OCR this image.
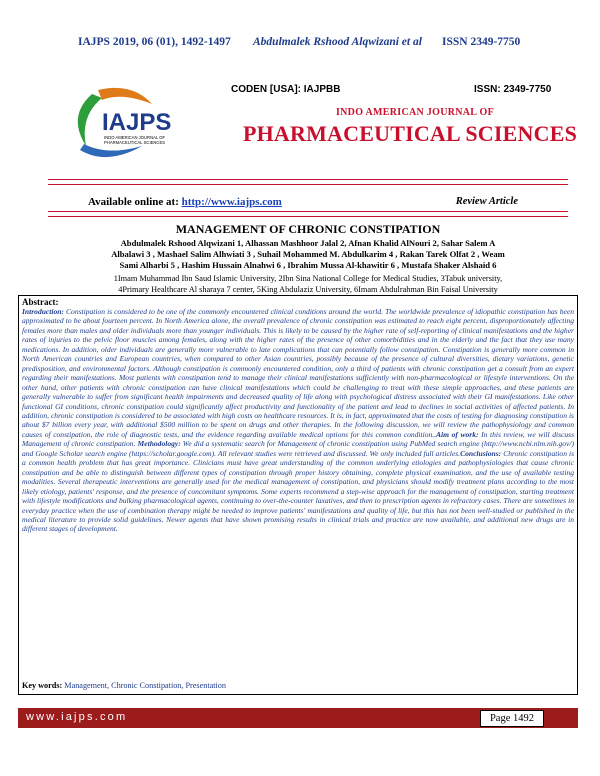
IAJPS 2019, 06 (01), 1492-1497 Abdulmalek Rshood Alqwizani et al ISSN 2349-7750
IAJPS
INDO AMERICAN JOURNAL OF
PHARMACEUTICAL SCIENCES
CODEN [USA]: IAJPBB	ISSN: 2349-7750
INDO AMERICAN JOURNAL OF
PHARMACEUTICAL SCIENCES
Available online at: http://www.iajps.com	Review Article
MANAGEMENT OF CHRONIC CONSTIPATION
Abdulmalek Rshood Alqwizani 1, Alhassan Mashhoor Jalal 2, Afnan Khalid AlNouri 2, Sahar Salem A
Albalawi 3 , Mashael Salim Alhwiati 3 , Suhail Mohammed M. Abdulkarim 4 , Rakan Tarek Olfat 2 , Weam
Sami Alharbi 5 , Hashim Hussain Alnahwi 6 , Ibrahim Mussa Al-khawitir 6 , Mustafa Shaker Alshaid 6
1Imam Muhammad Ibn Saud Islamic University, 2Ibn Sina National College for Medical Studies, 3Tabuk university,
4Primary Healthcare Al sharaya 7 center, 5King Abdulaziz University, 6Imam Abdulrahman Bin Faisal University
Abstract:
Introduction: Constipation is considered to be one of the commonly encountered clinical conditions around the world. The worldwide prevalence of idiopathic constipation has been approximated to be about fourteen percent. In North America alone, the overall prevalence of chronic constipation was estimated to reach eight percent, disproportionately affecting females more than males and older individuals more than younger individuals. This is likely to be caused by the higher rate of self-reporting of clinical manifestations and the higher rates of injuries to the pelvic floor muscles among females, along with the higher rates of the presence of other comorbidities and in the elderly and the fact that they use many medications. In addition, older individuals are generally more vulnerable to late complications that can potentially follow constipation. Constipation is generally more common in North American countries and European countries, when compared to other Asian countries, possibly because of the presence of cultural diversities, dietary variations, genetic predisposition, and environmental factors. Although constipation is commonly encountered condition, only a third of patients with chronic constipation get a consult from an expert regarding their manifestations. Most patients with constipation tend to manage their clinical manifestations sufficiently with non-pharmacological or lifestyle interventions. On the other hand, other patients with chronic constipation can have clinical manifestations which could be challenging to treat with these simple approaches, and these patients are generally vulnerable to suffer from significant health impairments and decreased quality of life along with psychological distress associated with their GI manifestations. Like other functional GI conditions, chronic constipation could significantly affect productivity and functionality of the patient and lead to declines in social activities of affected patients. In addition, chronic constipation is considered to be associated with high costs on healthcare resources. It is, in fact, approximated that the costs of testing for diagnosing constipation is about $7 billion every year, with additional $500 million to be spent on drugs and other therapies. In the following discussion, we will review the pathophysiology and common causes of constipation, the role of diagnostic tests, and the evidence regarding available medical options for this common condition..Aim of work: In this review, we will discuss Management of chronic constipation. Methodology: We did a systematic search for Management of chronic constipation using PubMed search engine (http://www.ncbi.nlm.nih.gov/) and Google Scholar search engine (https://scholar.google.com). All relevant studies were retrieved and discussed. We only included full articles.Conclusions: Chronic constipation is a common health problem that has great importance. Clinicians must have great understanding of the common underlying etiologies and pathophysiologies that cause chronic constipation and be able to distinguish between different types of constipation through proper history obtaining, complete physical examination, and the use of available testing modalities. Several therapeutic interventions are generally used for the medical management of constipation, and physicians should modify treatment plans according to the most likely etiology, patients' response, and the presence of concomitant symptoms. Some experts recommend a step-wise approach for the management of constipation, starting treatment with lifestyle modifications and bulking pharmacological agents, continuing to over-the-counter laxatives, and then to prescription agents in refractory cases. There are sometimes in everyday practice when the use of combination therapy might be needed to improve patients' manifestations and quality of life, but this has not been well-studied or published in the medical literature to provide solid guidelines. Newer agents that have shown promising results in clinical trials and practice are now available, and additional new drugs are in different stages of development.
Key words: Management, Chronic Constipation, Presentation
www.iajps.com	Page 1492
